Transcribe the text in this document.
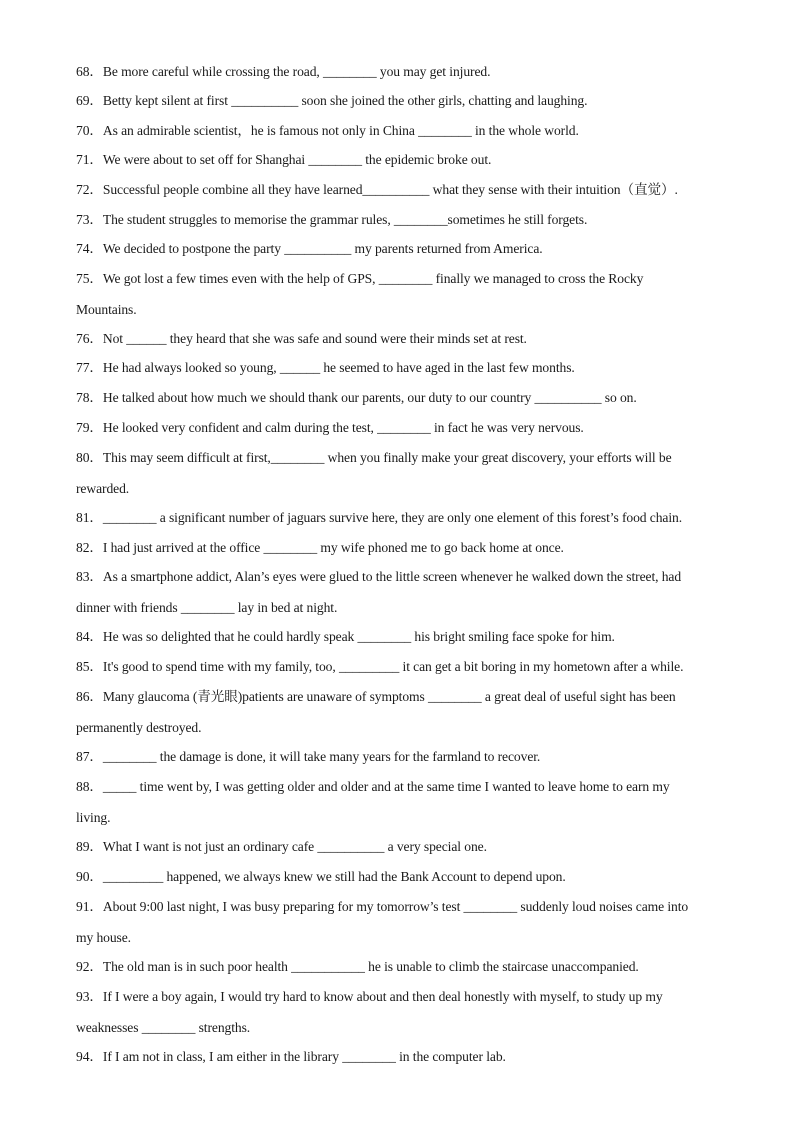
68．Be more careful while crossing the road, ________ you may get injured.
69．Betty kept silent at first __________ soon she joined the other girls, chatting and laughing.
70．As an admirable scientist，he is famous not only in China ________ in the whole world.
71．We were about to set off for Shanghai ________ the epidemic broke out.
72．Successful people combine all they have learned__________ what they sense with their intuition（直觉）.
73．The student struggles to memorise the grammar rules, ________sometimes he still forgets.
74．We decided to postpone the party __________ my parents returned from America.
75．We got lost a few times even with the help of GPS, ________ finally we managed to cross the Rocky
Mountains.
76．Not ______ they heard that she was safe and sound were their minds set at rest.
77．He had always looked so young, ______ he seemed to have aged in the last few months.
78．He talked about how much we should thank our parents, our duty to our country __________ so on.
79．He looked very confident and calm during the test, ________ in fact he was very nervous.
80．This may seem difficult at first,________ when you finally make your great discovery, your efforts will be
rewarded.
81．________ a significant number of jaguars survive here, they are only one element of this forest’s food chain.
82．I had just arrived at the office ________ my wife phoned me to go back home at once.
83．As a smartphone addict, Alan’s eyes were glued to the little screen whenever he walked down the street, had
dinner with friends ________ lay in bed at night.
84．He was so delighted that he could hardly speak ________ his bright smiling face spoke for him.
85．It's good to spend time with my family, too, _________ it can get a bit boring in my hometown after a while.
86．Many glaucoma (青光眼)patients are unaware of symptoms ________ a great deal of useful sight has been
permanently destroyed.
87．________ the damage is done, it will take many years for the farmland to recover.
88．_____ time went by, I was getting older and older and at the same time I wanted to leave home to earn my
living.
89．What I want is not just an ordinary cafe __________ a very special one.
90．_________ happened, we always knew we still had the Bank Account to depend upon.
91．About 9:00 last night, I was busy preparing for my tomorrow’s test ________ suddenly loud noises came into
my house.
92．The old man is in such poor health ___________ he is unable to climb the staircase unaccompanied.
93．If I were a boy again, I would try hard to know about and then deal honestly with myself, to study up my
weaknesses ________ strengths.
94．If I am not in class, I am either in the library ________ in the computer lab.
